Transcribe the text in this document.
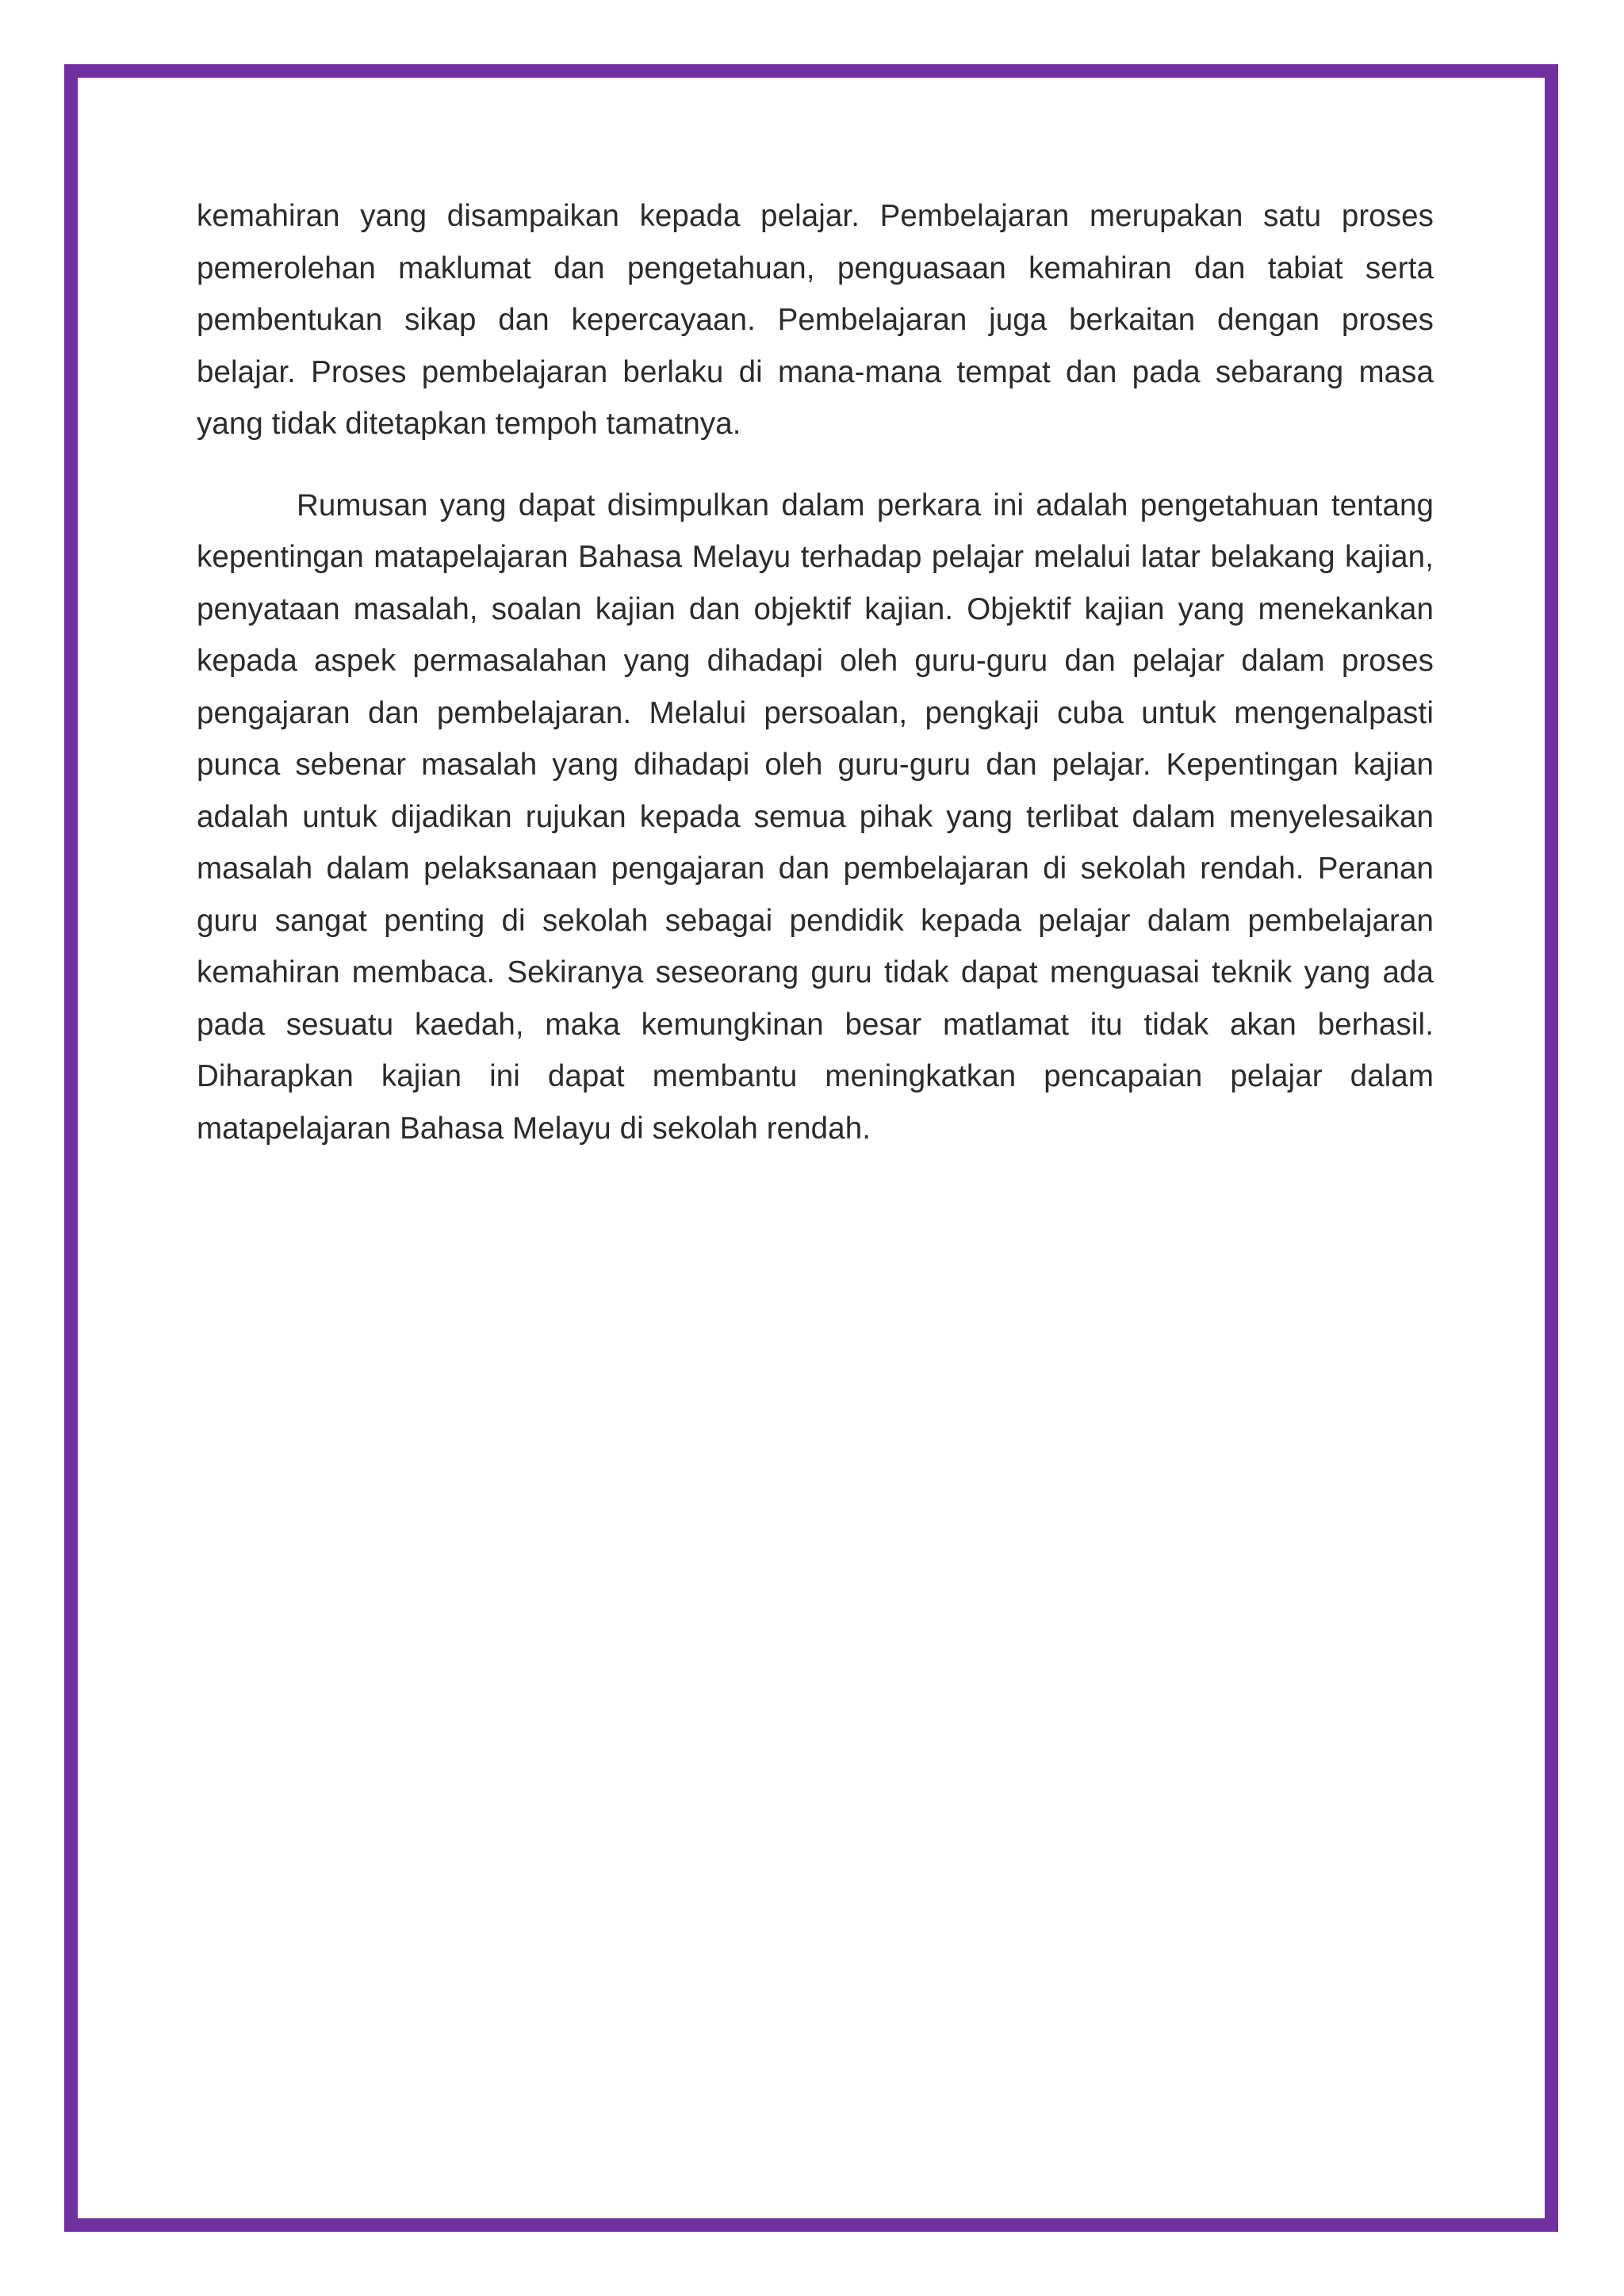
kemahiran yang disampaikan kepada pelajar. Pembelajaran merupakan satu proses pemerolehan maklumat dan pengetahuan, penguasaan kemahiran dan tabiat serta pembentukan sikap dan kepercayaan. Pembelajaran juga berkaitan dengan proses belajar. Proses pembelajaran berlaku di mana-mana tempat dan pada sebarang masa yang tidak ditetapkan tempoh tamatnya.

Rumusan yang dapat disimpulkan dalam perkara ini adalah pengetahuan tentang kepentingan matapelajaran Bahasa Melayu terhadap pelajar melalui latar belakang kajian, penyataan masalah, soalan kajian dan objektif kajian. Objektif kajian yang menekankan kepada aspek permasalahan yang dihadapi oleh guru-guru dan pelajar dalam proses pengajaran dan pembelajaran. Melalui persoalan, pengkaji cuba untuk mengenalpasti punca sebenar masalah yang dihadapi oleh guru-guru dan pelajar. Kepentingan kajian adalah untuk dijadikan rujukan kepada semua pihak yang terlibat dalam menyelesaikan masalah dalam pelaksanaan pengajaran dan pembelajaran di sekolah rendah. Peranan guru sangat penting di sekolah sebagai pendidik kepada pelajar dalam pembelajaran kemahiran membaca. Sekiranya seseorang guru tidak dapat menguasai teknik yang ada pada sesuatu kaedah, maka kemungkinan besar matlamat itu tidak akan berhasil. Diharapkan kajian ini dapat membantu meningkatkan pencapaian pelajar dalam matapelajaran Bahasa Melayu di sekolah rendah.
